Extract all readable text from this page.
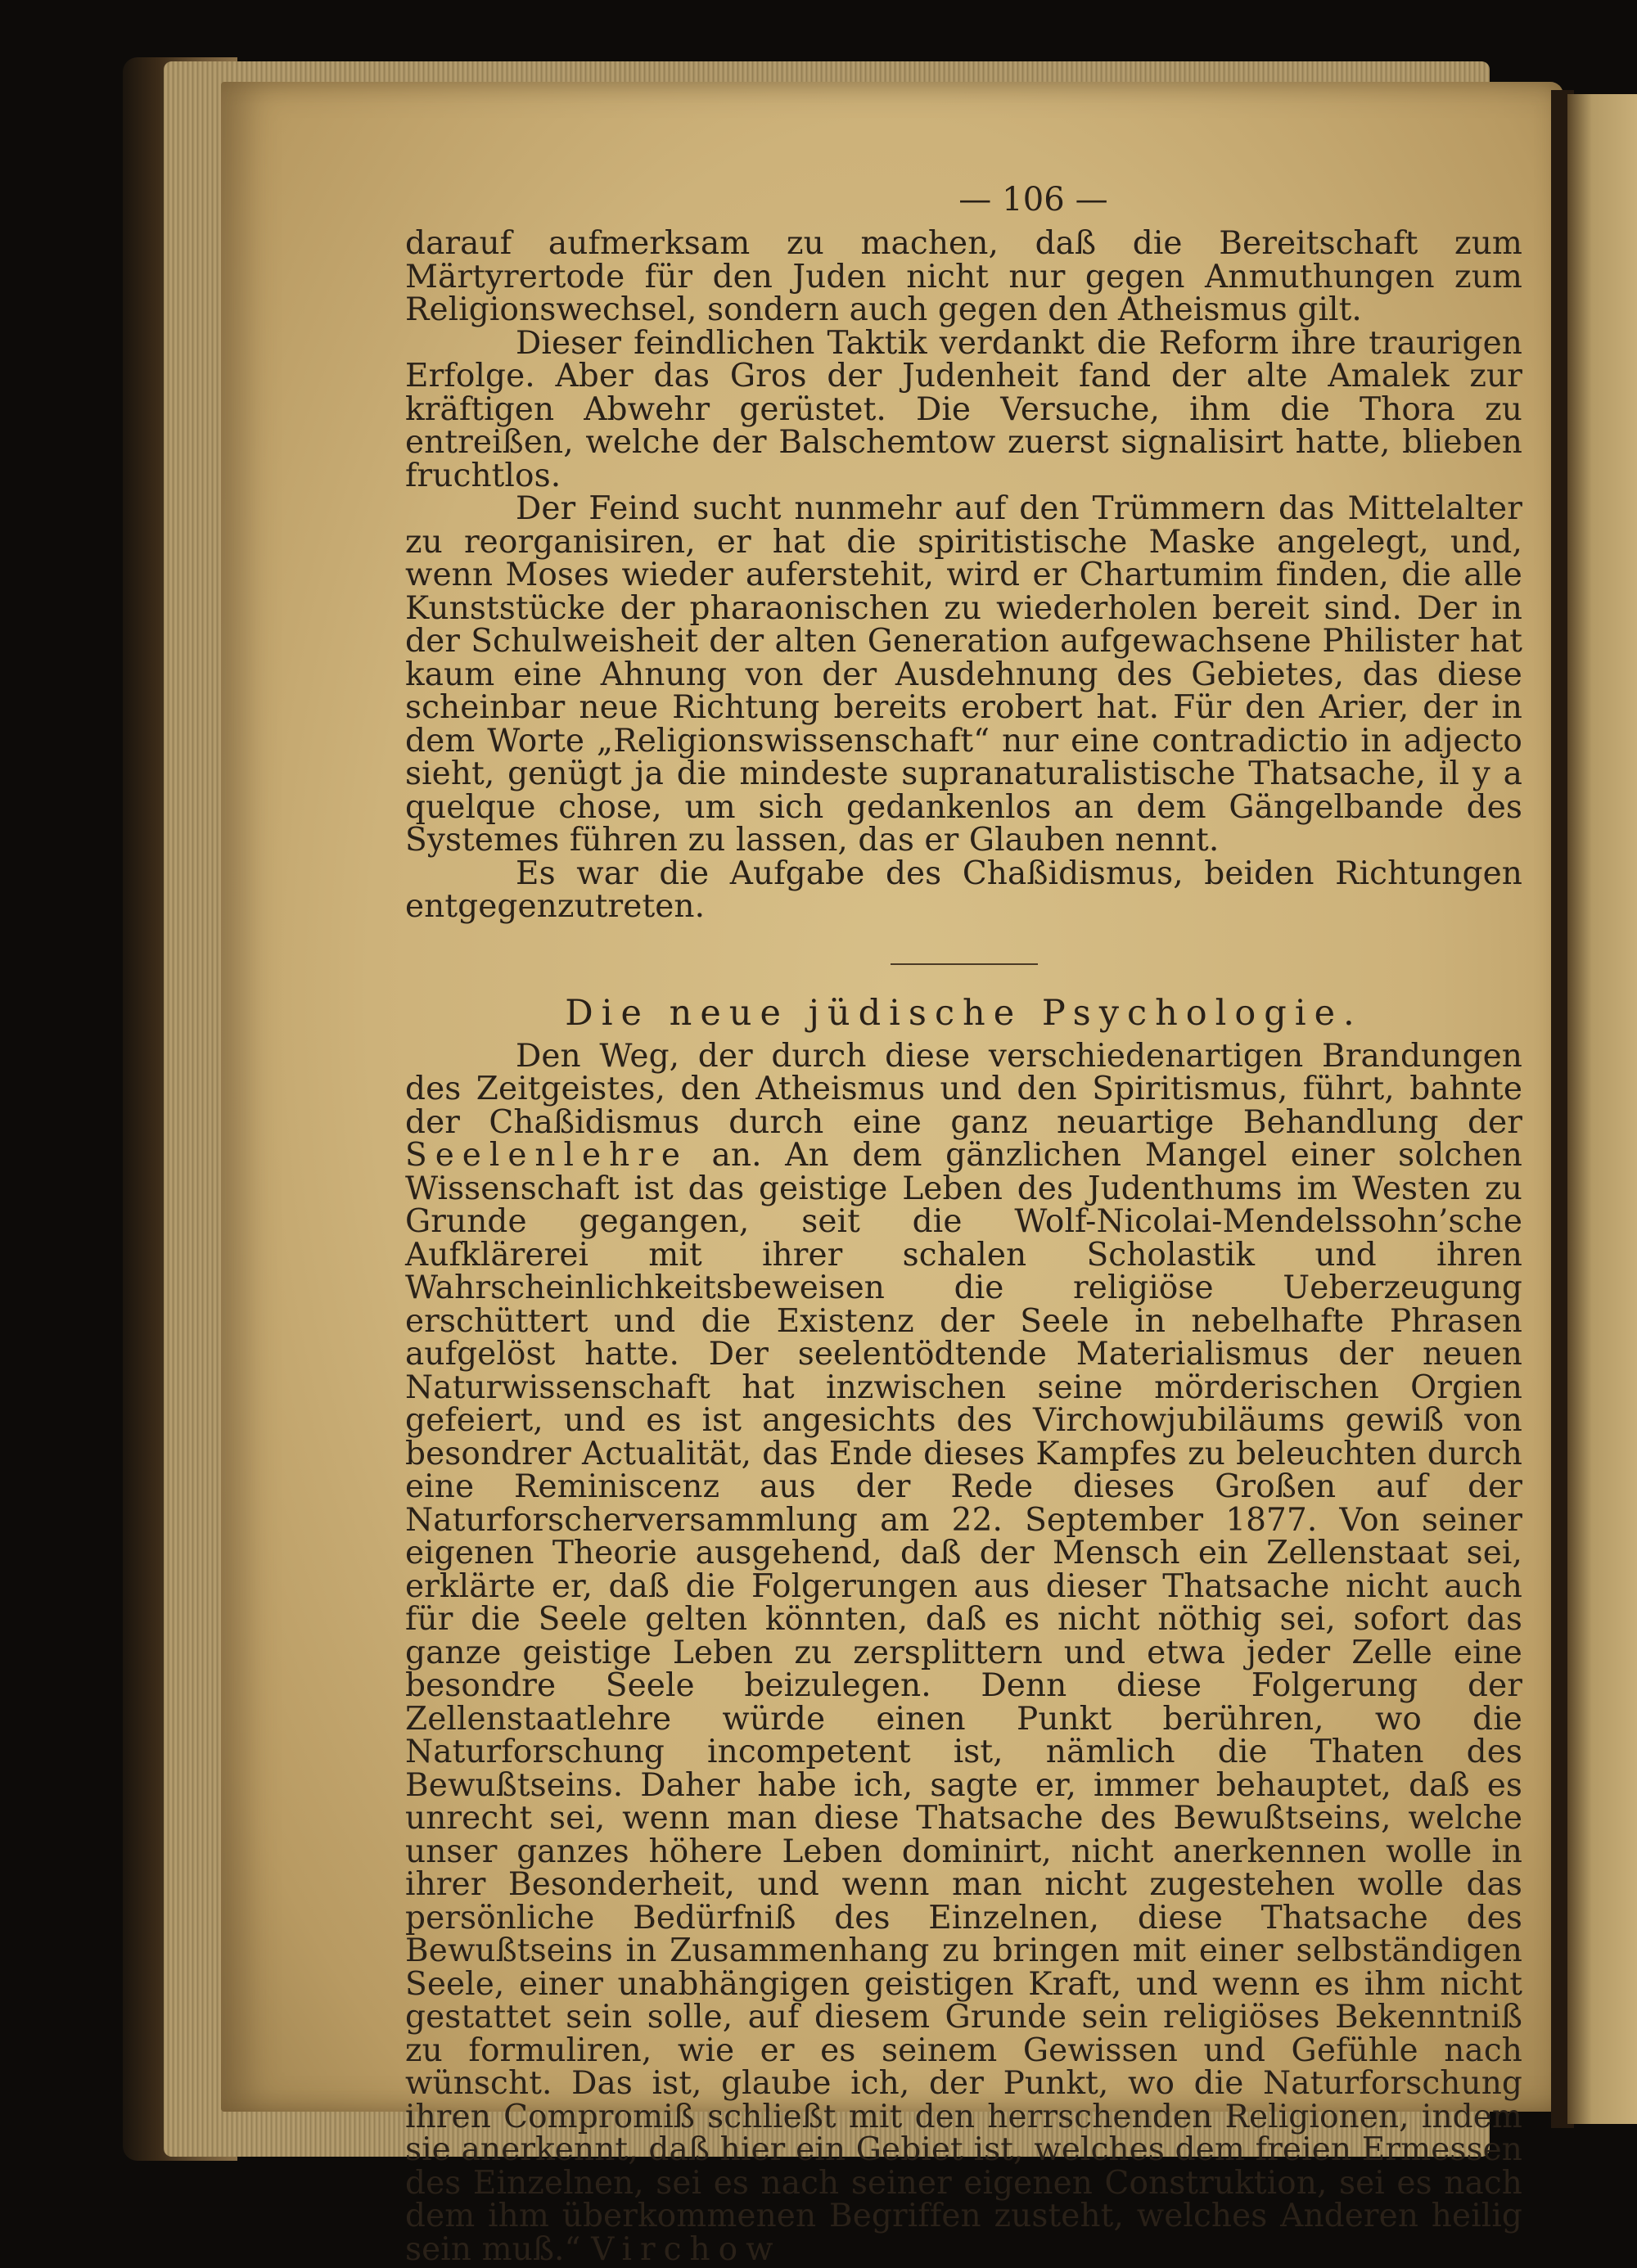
— 106 —

darauf aufmerksam zu machen, daß die Bereitschaft zum Märtyrertode für den Juden nicht nur gegen Anmuthungen zum Religionswechsel, sondern auch gegen den Atheismus gilt.

Dieser feindlichen Taktik verdankt die Reform ihre traurigen Erfolge. Aber das Gros der Judenheit fand der alte Amalek zur kräftigen Abwehr gerüstet. Die Versuche, ihm die Thora zu entreißen, welche der Balschemtow zuerst signalisirt hatte, blieben fruchtlos.

Der Feind sucht nunmehr auf den Trümmern das Mittelalter zu reorganisiren, er hat die spiritistische Maske angelegt, und, wenn Moses wieder auferstehit, wird er Chartumim finden, die alle Kunststücke der pharaonischen zu wiederholen bereit sind. Der in der Schulweisheit der alten Generation aufgewachsene Philister hat kaum eine Ahnung von der Ausdehnung des Gebietes, das diese scheinbar neue Richtung bereits erobert hat. Für den Arier, der in dem Worte „Religionswissenschaft“ nur eine contradictio in adjecto sieht, genügt ja die mindeste supranaturalistische Thatsache, il y a quelque chose, um sich gedankenlos an dem Gängelbande des Systemes führen zu lassen, das er Glauben nennt.

Es war die Aufgabe des Chaßidismus, beiden Richtungen entgegenzutreten.

Die neue jüdische Psychologie.

Den Weg, der durch diese verschiedenartigen Brandungen des Zeitgeistes, den Atheismus und den Spiritismus, führt, bahnte der Chaßidismus durch eine ganz neuartige Behandlung der Seelenlehre an. An dem gänzlichen Mangel einer solchen Wissenschaft ist das geistige Leben des Judenthums im Westen zu Grunde gegangen, seit die Wolf-Nicolai-Mendelssohn’sche Aufklärerei mit ihrer schalen Scholastik und ihren Wahrscheinlichkeitsbeweisen die religiöse Ueberzeugung erschüttert und die Existenz der Seele in nebelhafte Phrasen aufgelöst hatte. Der seelentödtende Materialismus der neuen Naturwissenschaft hat inzwischen seine mörderischen Orgien gefeiert, und es ist angesichts des Virchowjubiläums gewiß von besondrer Actualität, das Ende dieses Kampfes zu beleuchten durch eine Reminiscenz aus der Rede dieses Großen auf der Naturforscherversammlung am 22. September 1877. Von seiner eigenen Theorie ausgehend, daß der Mensch ein Zellenstaat sei, erklärte er, daß die Folgerungen aus dieser Thatsache nicht auch für die Seele gelten könnten, daß es nicht nöthig sei, sofort das ganze geistige Leben zu zersplittern und etwa jeder Zelle eine besondre Seele beizulegen. Denn diese Folgerung der Zellenstaatlehre würde einen Punkt berühren, wo die Naturforschung incompetent ist, nämlich die Thaten des Bewußtseins. Daher habe ich, sagte er, immer behauptet, daß es unrecht sei, wenn man diese Thatsache des Bewußtseins, welche unser ganzes höhere Leben dominirt, nicht anerkennen wolle in ihrer Besonderheit, und wenn man nicht zugestehen wolle das persönliche Bedürfniß des Einzelnen, diese Thatsache des Bewußtseins in Zusammenhang zu bringen mit einer selbständigen Seele, einer unabhängigen geistigen Kraft, und wenn es ihm nicht gestattet sein solle, auf diesem Grunde sein religiöses Bekenntniß zu formuliren, wie er es seinem Gewissen und Gefühle nach wünscht. Das ist, glaube ich, der Punkt, wo die Naturforschung ihren Compromiß schließt mit den herrschenden Religionen, indem sie anerkennt, daß hier ein Gebiet ist, welches dem freien Ermessen des Einzelnen, sei es nach seiner eigenen Construktion, sei es nach dem ihm überkommenen Begriffen zusteht, welches Anderen heilig sein muß.“ Virchow
